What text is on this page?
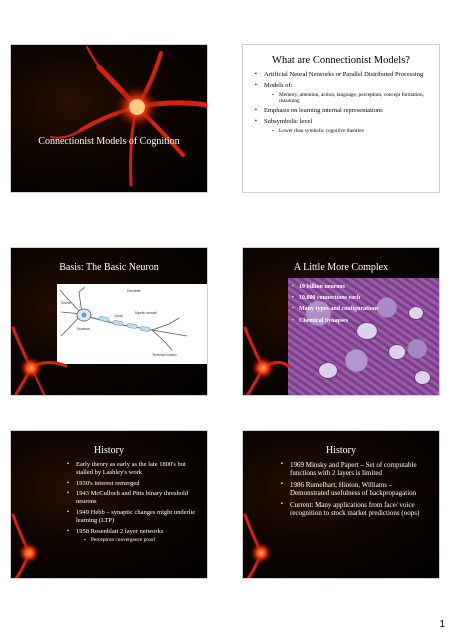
Connectionist Models of Cognition
What are Connectionist Models?
▪ Artificial Neural Networks or Parallel Distributed Processing
▪ Models of:
▪ Memory, attention, action, language, perception, concept formation, reasoning
▪ Emphasis on learning internal representations
▪ Subsymbolic level
▪ Lower than symbolic cognitive theories
Basis: The Basic Neuron
Dendrite
Soma
Nucleus
Axon
Myelin sheath
Terminal button
A Little More Complex
▪ 10 billion neurons
▪ 10,000 connections each
▪ Many types and configurations
▪ Chemical Synapses
History
▪ Early theory as early as the late 1800's but stalled by Lashley's work
▪ 1930's interest remerged
▪ 1943 McCulloch and Pitts binary threshold neurons
▪ 1949 Hebb – synaptic changes might underlie learning (LTP)
▪ 1958 Rosenblatt 2 layer networks
▪ Perceptron convergence proof
History
▪ 1969 Minsky and Papert – Set of computable functions with 2 layers is limited
▪ 1986 Rumelhart, Hinton, Williams – Demonstrated usefulness of backpropagation
▪ Current: Many applications from face/ voice recognition to stock market predictions (oops)
1
